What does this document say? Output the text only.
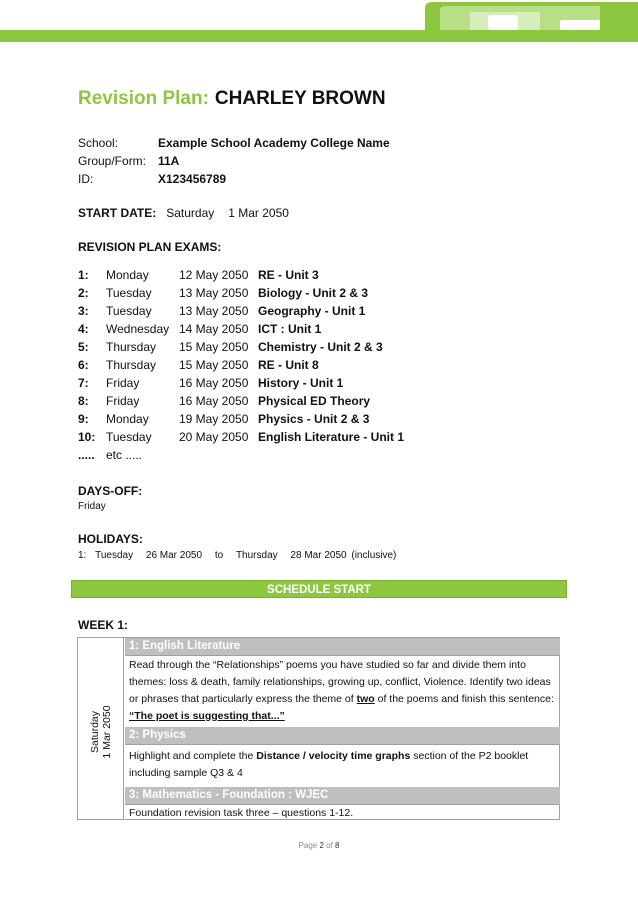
Revision Plan: CHARLEY BROWN
School:	Example School Academy College Name
Group/Form: 11A
ID:	X123456789
START DATE: Saturday 1 Mar 2050
REVISION PLAN EXAMS:
1: Monday	12 May 2050 RE - Unit 3
2: Tuesday 13 May 2050 Biology - Unit 2 & 3
3: Tuesday 13 May 2050 Geography - Unit 1
4: Wednesday 14 May 2050 ICT : Unit 1
5: Thursday 15 May 2050 Chemistry - Unit 2 & 3
6: Thursday 15 May 2050 RE - Unit 8
7: Friday	16 May 2050 History - Unit 1
8: Friday	16 May 2050 Physical ED Theory
9: Monday	19 May 2050 Physics - Unit 2 & 3
10: Tuesday 20 May 2050 English Literature - Unit 1
..... etc .....
DAYS-OFF:
Friday
HOLIDAYS:
1: Tuesday 26 Mar 2050 to Thursday 28 Mar 2050 (inclusive)
SCHEDULE START
WEEK 1:
Saturday 1 Mar 2050
1: English Literature
Read through the “Relationships” poems you have studied so far and divide them into themes: loss & death, family relationships, growing up, conflict, Violence. Identify two ideas or phrases that particularly express the theme of two of the poems and finish this sentence: “The poet is suggesting that...”
2: Physics
Highlight and complete the Distance / velocity time graphs section of the P2 booklet including sample Q3 & 4
3: Mathematics - Foundation : WJEC
Foundation revision task three – questions 1-12.
Page 2 of 8
